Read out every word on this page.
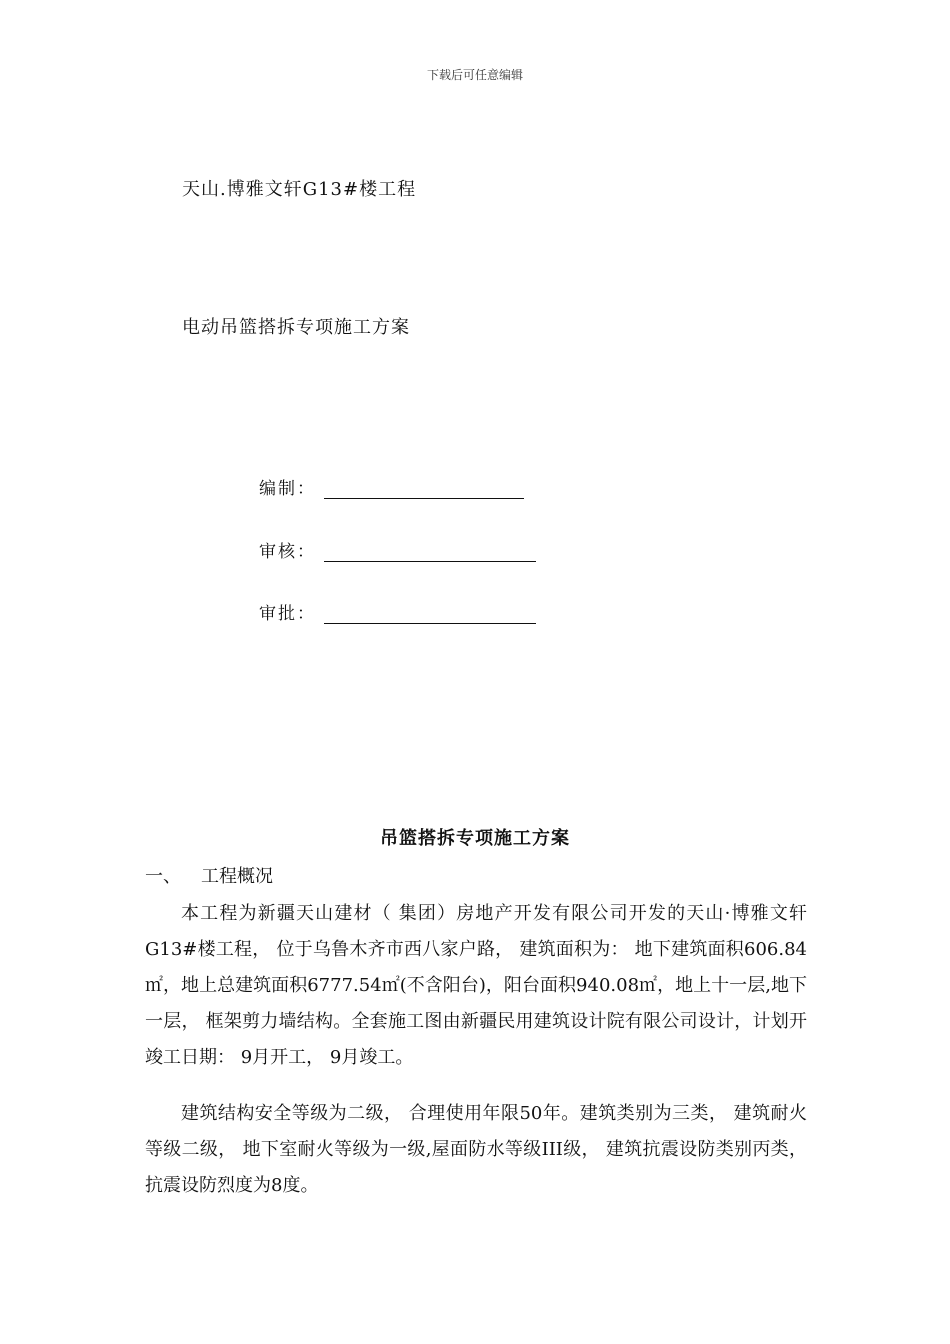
下载后可任意编辑
天山.博雅文轩G13#楼工程
电动吊篮搭拆专项施工方案
编制：
审核：
审批：
吊篮搭拆专项施工方案
一、 工程概况
本工程为新疆天山建材（ 集团）房地产开发有限公司开发的天山·博雅文轩G13#楼工程， 位于乌鲁木齐市西八家户路， 建筑面积为： 地下建筑面积606.84㎡，地上总建筑面积6777.54㎡(不含阳台)，阳台面积940.08㎡，地上十一层,地下一层， 框架剪力墙结构。全套施工图由新疆民用建筑设计院有限公司设计，计划开竣工日期： 9月开工， 9月竣工。
建筑结构安全等级为二级， 合理使用年限50年。建筑类别为三类， 建筑耐火等级二级， 地下室耐火等级为一级,屋面防水等级III级， 建筑抗震设防类别丙类，抗震设防烈度为8度。
